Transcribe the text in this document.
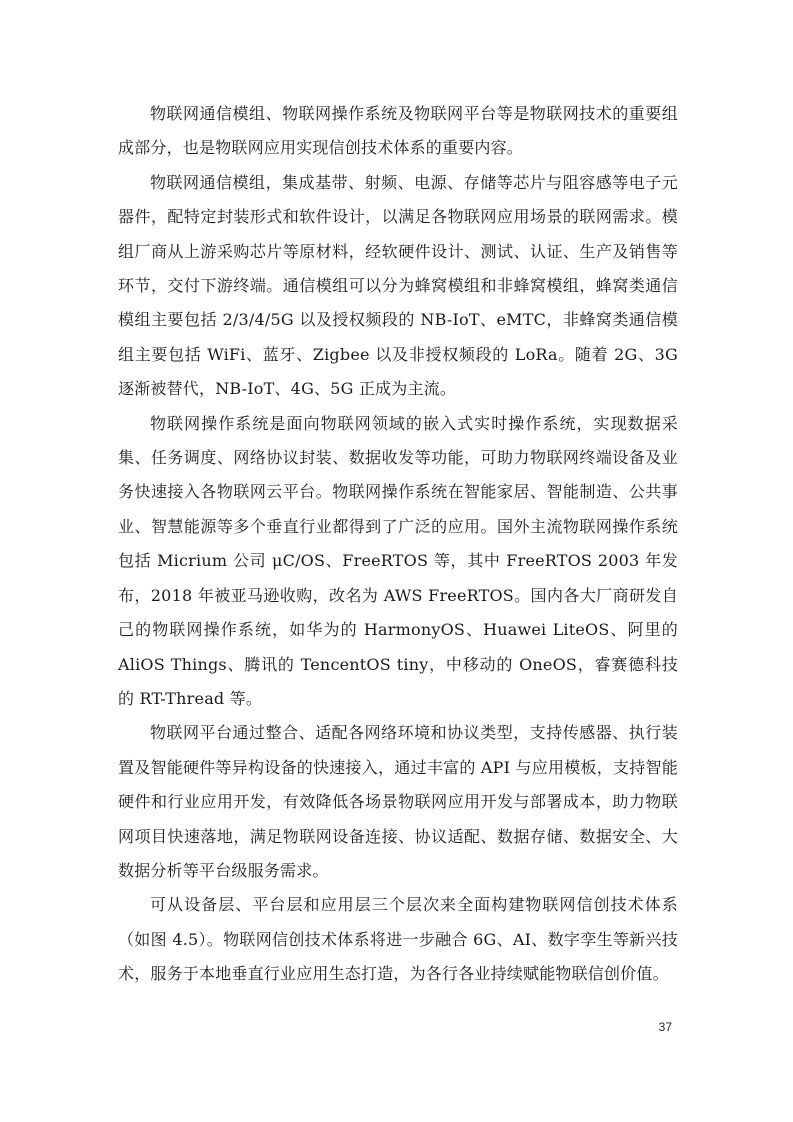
物联网通信模组、物联网操作系统及物联网平台等是物联网技术的重要组成部分，也是物联网应用实现信创技术体系的重要内容。

物联网通信模组，集成基带、射频、电源、存储等芯片与阻容感等电子元器件，配特定封装形式和软件设计，以满足各物联网应用场景的联网需求。模组厂商从上游采购芯片等原材料，经软硬件设计、测试、认证、生产及销售等环节，交付下游终端。通信模组可以分为蜂窝模组和非蜂窝模组，蜂窝类通信模组主要包括 2/3/4/5G 以及授权频段的 NB-IoT、eMTC，非蜂窝类通信模组主要包括 WiFi、蓝牙、Zigbee 以及非授权频段的 LoRa。随着 2G、3G 逐渐被替代，NB-IoT、4G、5G 正成为主流。

物联网操作系统是面向物联网领域的嵌入式实时操作系统，实现数据采集、任务调度、网络协议封装、数据收发等功能，可助力物联网终端设备及业务快速接入各物联网云平台。物联网操作系统在智能家居、智能制造、公共事业、智慧能源等多个垂直行业都得到了广泛的应用。国外主流物联网操作系统包括 Micrium 公司 μC/OS、FreeRTOS 等，其中 FreeRTOS 2003 年发布，2018 年被亚马逊收购，改名为 AWS FreeRTOS。国内各大厂商研发自己的物联网操作系统，如华为的 HarmonyOS、Huawei LiteOS、阿里的 AliOS Things、腾讯的 TencentOS tiny，中移动的 OneOS，睿赛德科技的 RT-Thread 等。

物联网平台通过整合、适配各网络环境和协议类型，支持传感器、执行装置及智能硬件等异构设备的快速接入，通过丰富的 API 与应用模板，支持智能硬件和行业应用开发，有效降低各场景物联网应用开发与部署成本，助力物联网项目快速落地，满足物联网设备连接、协议适配、数据存储、数据安全、大数据分析等平台级服务需求。

可从设备层、平台层和应用层三个层次来全面构建物联网信创技术体系（如图 4.5）。物联网信创技术体系将进一步融合 6G、AI、数字孪生等新兴技术，服务于本地垂直行业应用生态打造，为各行各业持续赋能物联信创价值。

37
